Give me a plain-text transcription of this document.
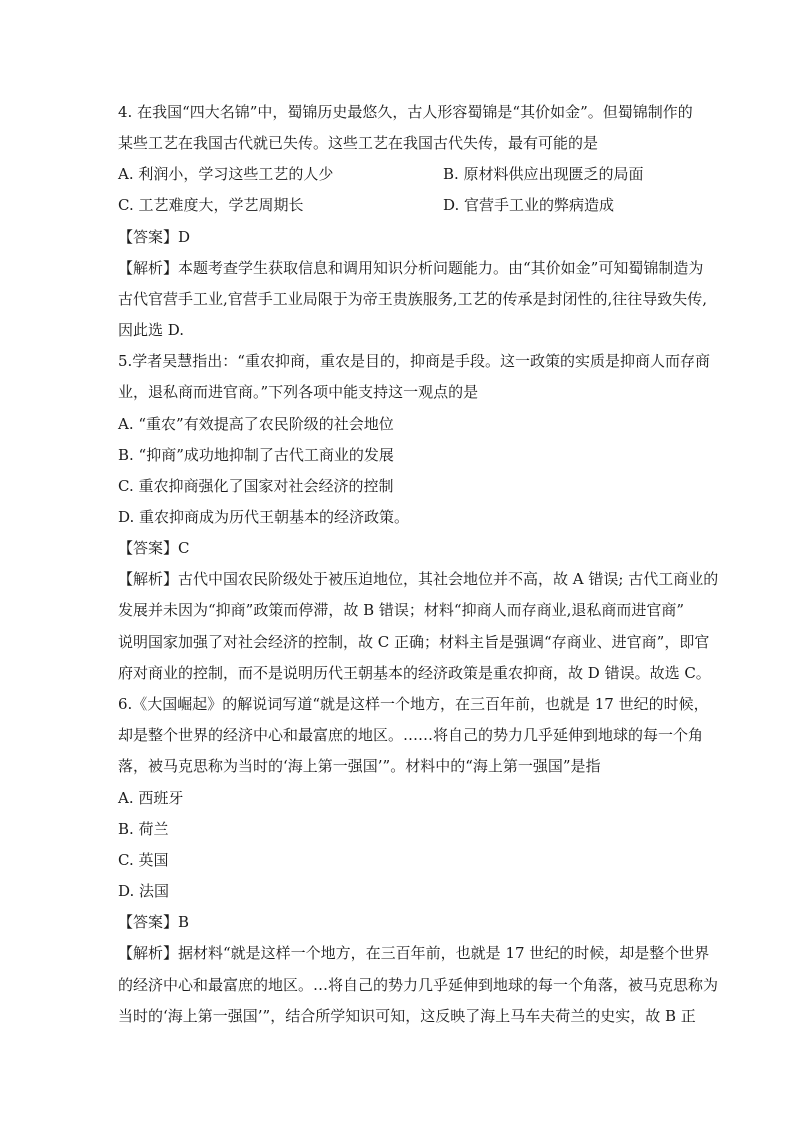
4. 在我国“四大名锦”中，蜀锦历史最悠久，古人形容蜀锦是“其价如金”。但蜀锦制作的
某些工艺在我国古代就已失传。这些工艺在我国古代失传，最有可能的是
A. 利润小，学习这些工艺的人少	B. 原材料供应出现匮乏的局面
C. 工艺难度大，学艺周期长	D. 官营手工业的弊病造成
【答案】D
【解析】本题考查学生获取信息和调用知识分析问题能力。由“其价如金”可知蜀锦制造为
古代官营手工业,官营手工业局限于为帝王贵族服务,工艺的传承是封闭性的,往往导致失传,
因此选 D.
5.学者吴慧指出：“重农抑商，重农是目的，抑商是手段。这一政策的实质是抑商人而存商
业，退私商而进官商。”下列各项中能支持这一观点的是
A. “重农”有效提高了农民阶级的社会地位
B. “抑商”成功地抑制了古代工商业的发展
C. 重农抑商强化了国家对社会经济的控制
D. 重农抑商成为历代王朝基本的经济政策。
【答案】C
【解析】古代中国农民阶级处于被压迫地位，其社会地位并不高，故 A 错误; 古代工商业的
发展并未因为“抑商”政策而停滞，故 B 错误；材料“抑商人而存商业,退私商而进官商”
说明国家加强了对社会经济的控制，故 C 正确；材料主旨是强调“存商业、进官商”，即官
府对商业的控制，而不是说明历代王朝基本的经济政策是重农抑商，故 D 错误。故选 C。
6.《大国崛起》的解说词写道“就是这样一个地方，在三百年前，也就是 17 世纪的时候，
却是整个世界的经济中心和最富庶的地区。……将自己的势力几乎延伸到地球的每一个角
落，被马克思称为当时的‘海上第一强国’”。材料中的“海上第一强国”是指
A. 西班牙
B. 荷兰
C. 英国
D. 法国
【答案】B
【解析】据材料“就是这样一个地方，在三百年前，也就是 17 世纪的时候，却是整个世界
的经济中心和最富庶的地区。…将自己的势力几乎延伸到地球的每一个角落，被马克思称为
当时的‘海上第一强国’”，结合所学知识可知，这反映了海上马车夫荷兰的史实，故 B 正
